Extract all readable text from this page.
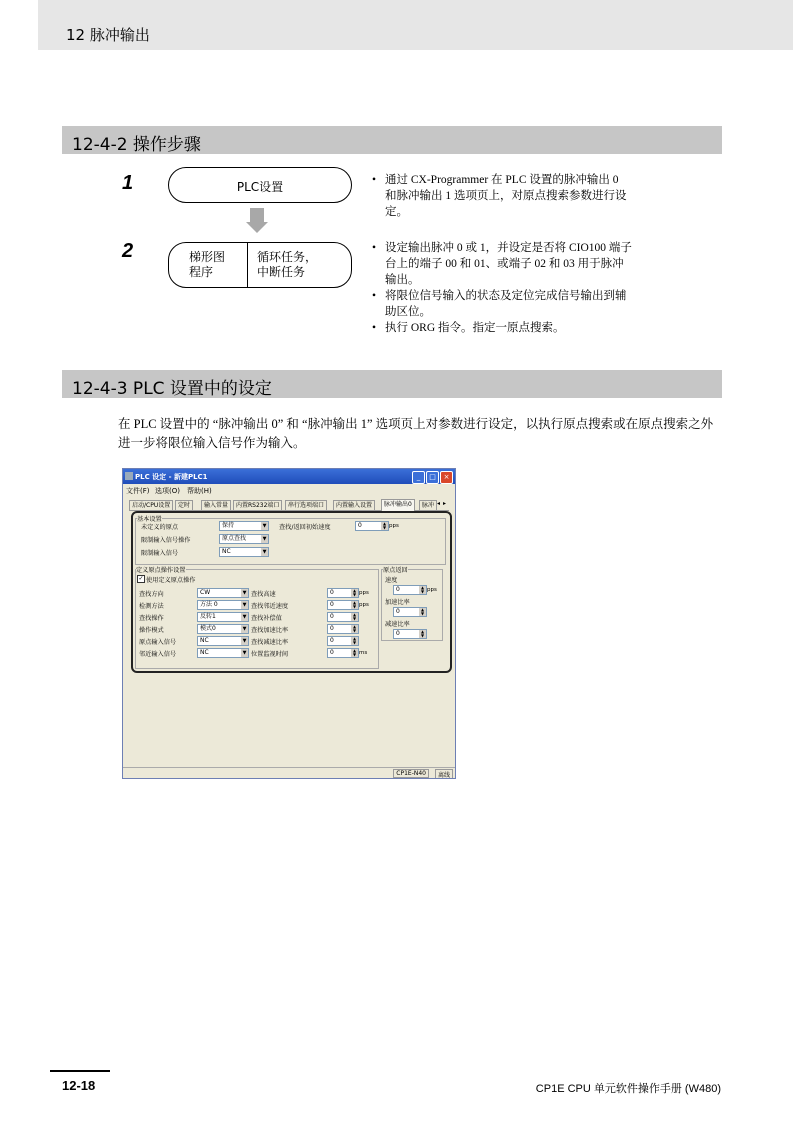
12 脉冲输出
12-4-2 操作步骤
1	PLC设置
•	通过 CX-Programmer 在 PLC 设置的脉冲输出 0 和脉冲输出 1 选项页上，对原点搜索参数进行设定。
2	梯形图
程序
循环任务，
中断任务
• 设定输出脉冲 0 或 1，并设定是否将 CIO100 端子台上的端子 00 和 01、或端子 02 和 03 用于脉冲输出。
• 将限位信号输入的状态及定位完成信号输出到辅助区位。
• 执行 ORG 指令。指定一原点搜索。
12-4-3 PLC 设置中的设定
在 PLC 设置中的 “脉冲输出 0” 和 “脉冲输出 1” 选项页上对参数进行设定，以执行原点搜索或在原点搜索之外进一步将限位输入信号作为输入。
PLC 设定 - 新建PLC1	_	□	×
文件(F) 选项(O) 帮助(H)
启动/CPU设置	定时	输入常量	内置RS232端口	串行选项端口	内置输入设置	脉冲输出0	脉冲 ◂ ▸
基本设置
未定义的原点	保持	▼ 查找/返回初始速度	0	▲
▼ pps
限制输入信号操作	原点查找	▼
限制输入信号	NC	▼
定义原点操作设置
✓ 使用定义原点操作
查找方向	CW	▼
检测方法	方法 0	▼
查找操作	反转1	▼
操作模式	模式0	▼
原点输入信号	NC	▼
邻近输入信号	NC	▼
查找高速	0	▲
▼ pps
查找邻近速度	0	▲
▼ pps
查找补偿值	0	▲
▼
查找加速比率	0	▲
▼
查找减速比率	0	▲
▼
位置监视时间	0	▲
▼ ms
原点返回
速度
0	▲
▼ pps
加速比率
0	▲
▼
减速比率
0	▲
▼
CP1E-N40	离线
12-18	CP1E CPU 单元软件操作手册 (W480)
